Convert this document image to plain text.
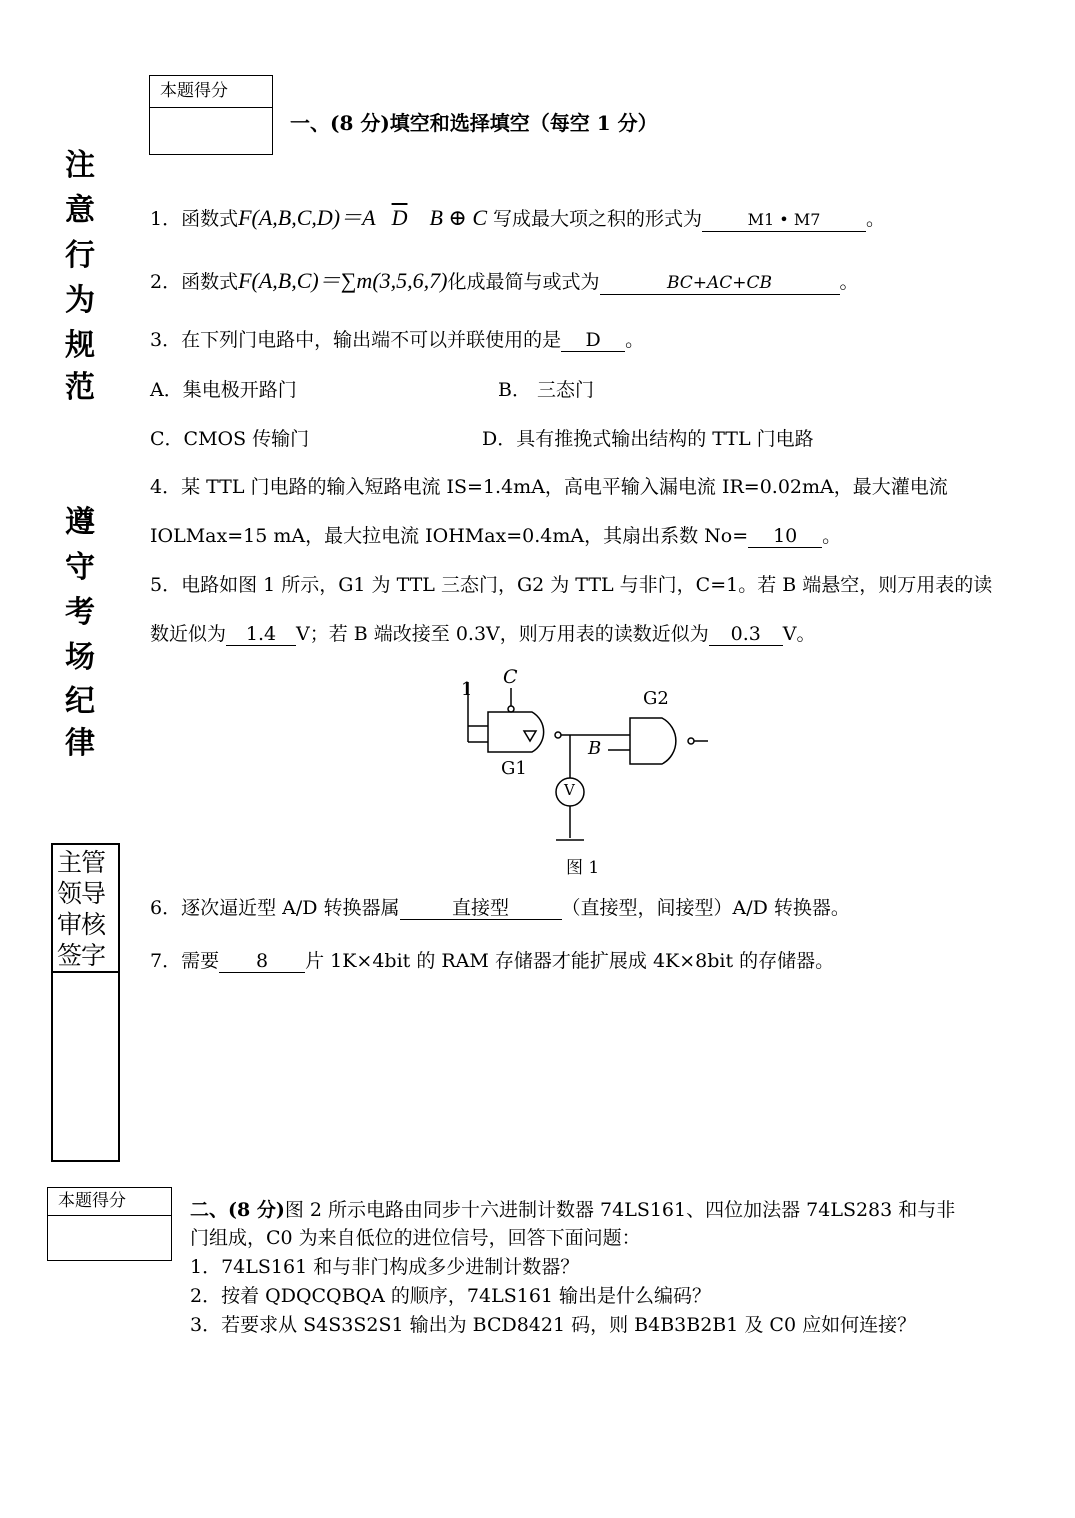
本题得分
一、(8 分)填空和选择填空（每空 1 分）
注
意
行
为
规
范
遵
守
考
场
纪
律
1．函数式F(A,B,C,D)＝A $\overline{D}$ B ⊕ C 写成最大项之积的形式为	M1 • M7 。
2．函数式F(A,B,C)＝∑m(3,5,6,7)化成最简与或式为	BC+AC+CB	。
3．在下列门电路中，输出端不可以并联使用的是 D 。
A．集电极开路门	B． 三态门
C．CMOS 传输门	D．具有推挽式输出结构的 TTL 门电路
4．某 TTL 门电路的输入短路电流 IS=1.4mA，高电平输入漏电流 IR=0.02mA，最大灌电流
IOLMax=15 mA，最大拉电流 IOHMax=0.4mA，其扇出系数 No= 10 。
5．电路如图 1 所示，G1 为 TTL 三态门，G2 为 TTL 与非门，C=1。若 B 端悬空，则万用表的读
数近似为 1.4 V；若 B 端改接至 0.3V，则万用表的读数近似为 0.3 V。
1
C
G1
G2
B
V
图 1
主管领导审核签字
6．逐次逼近型 A/D 转换器属	直接型	（直接型，间接型）A/D 转换器。
7．需要 8 片 1K×4bit 的 RAM 存储器才能扩展成 4K×8bit 的存储器。
本题得分	二、(8 分)图 2 所示电路由同步十六进制计数器 74LS161、四位加法器 74LS283 和与非
门组成，C0 为来自低位的进位信号，回答下面问题：
1．74LS161 和与非门构成多少进制计数器？
2．按着 QDQCQBQA 的顺序，74LS161 输出是什么编码？
3．若要求从 S4S3S2S1 输出为 BCD8421 码，则 B4B3B2B1 及 C0 应如何连接？
